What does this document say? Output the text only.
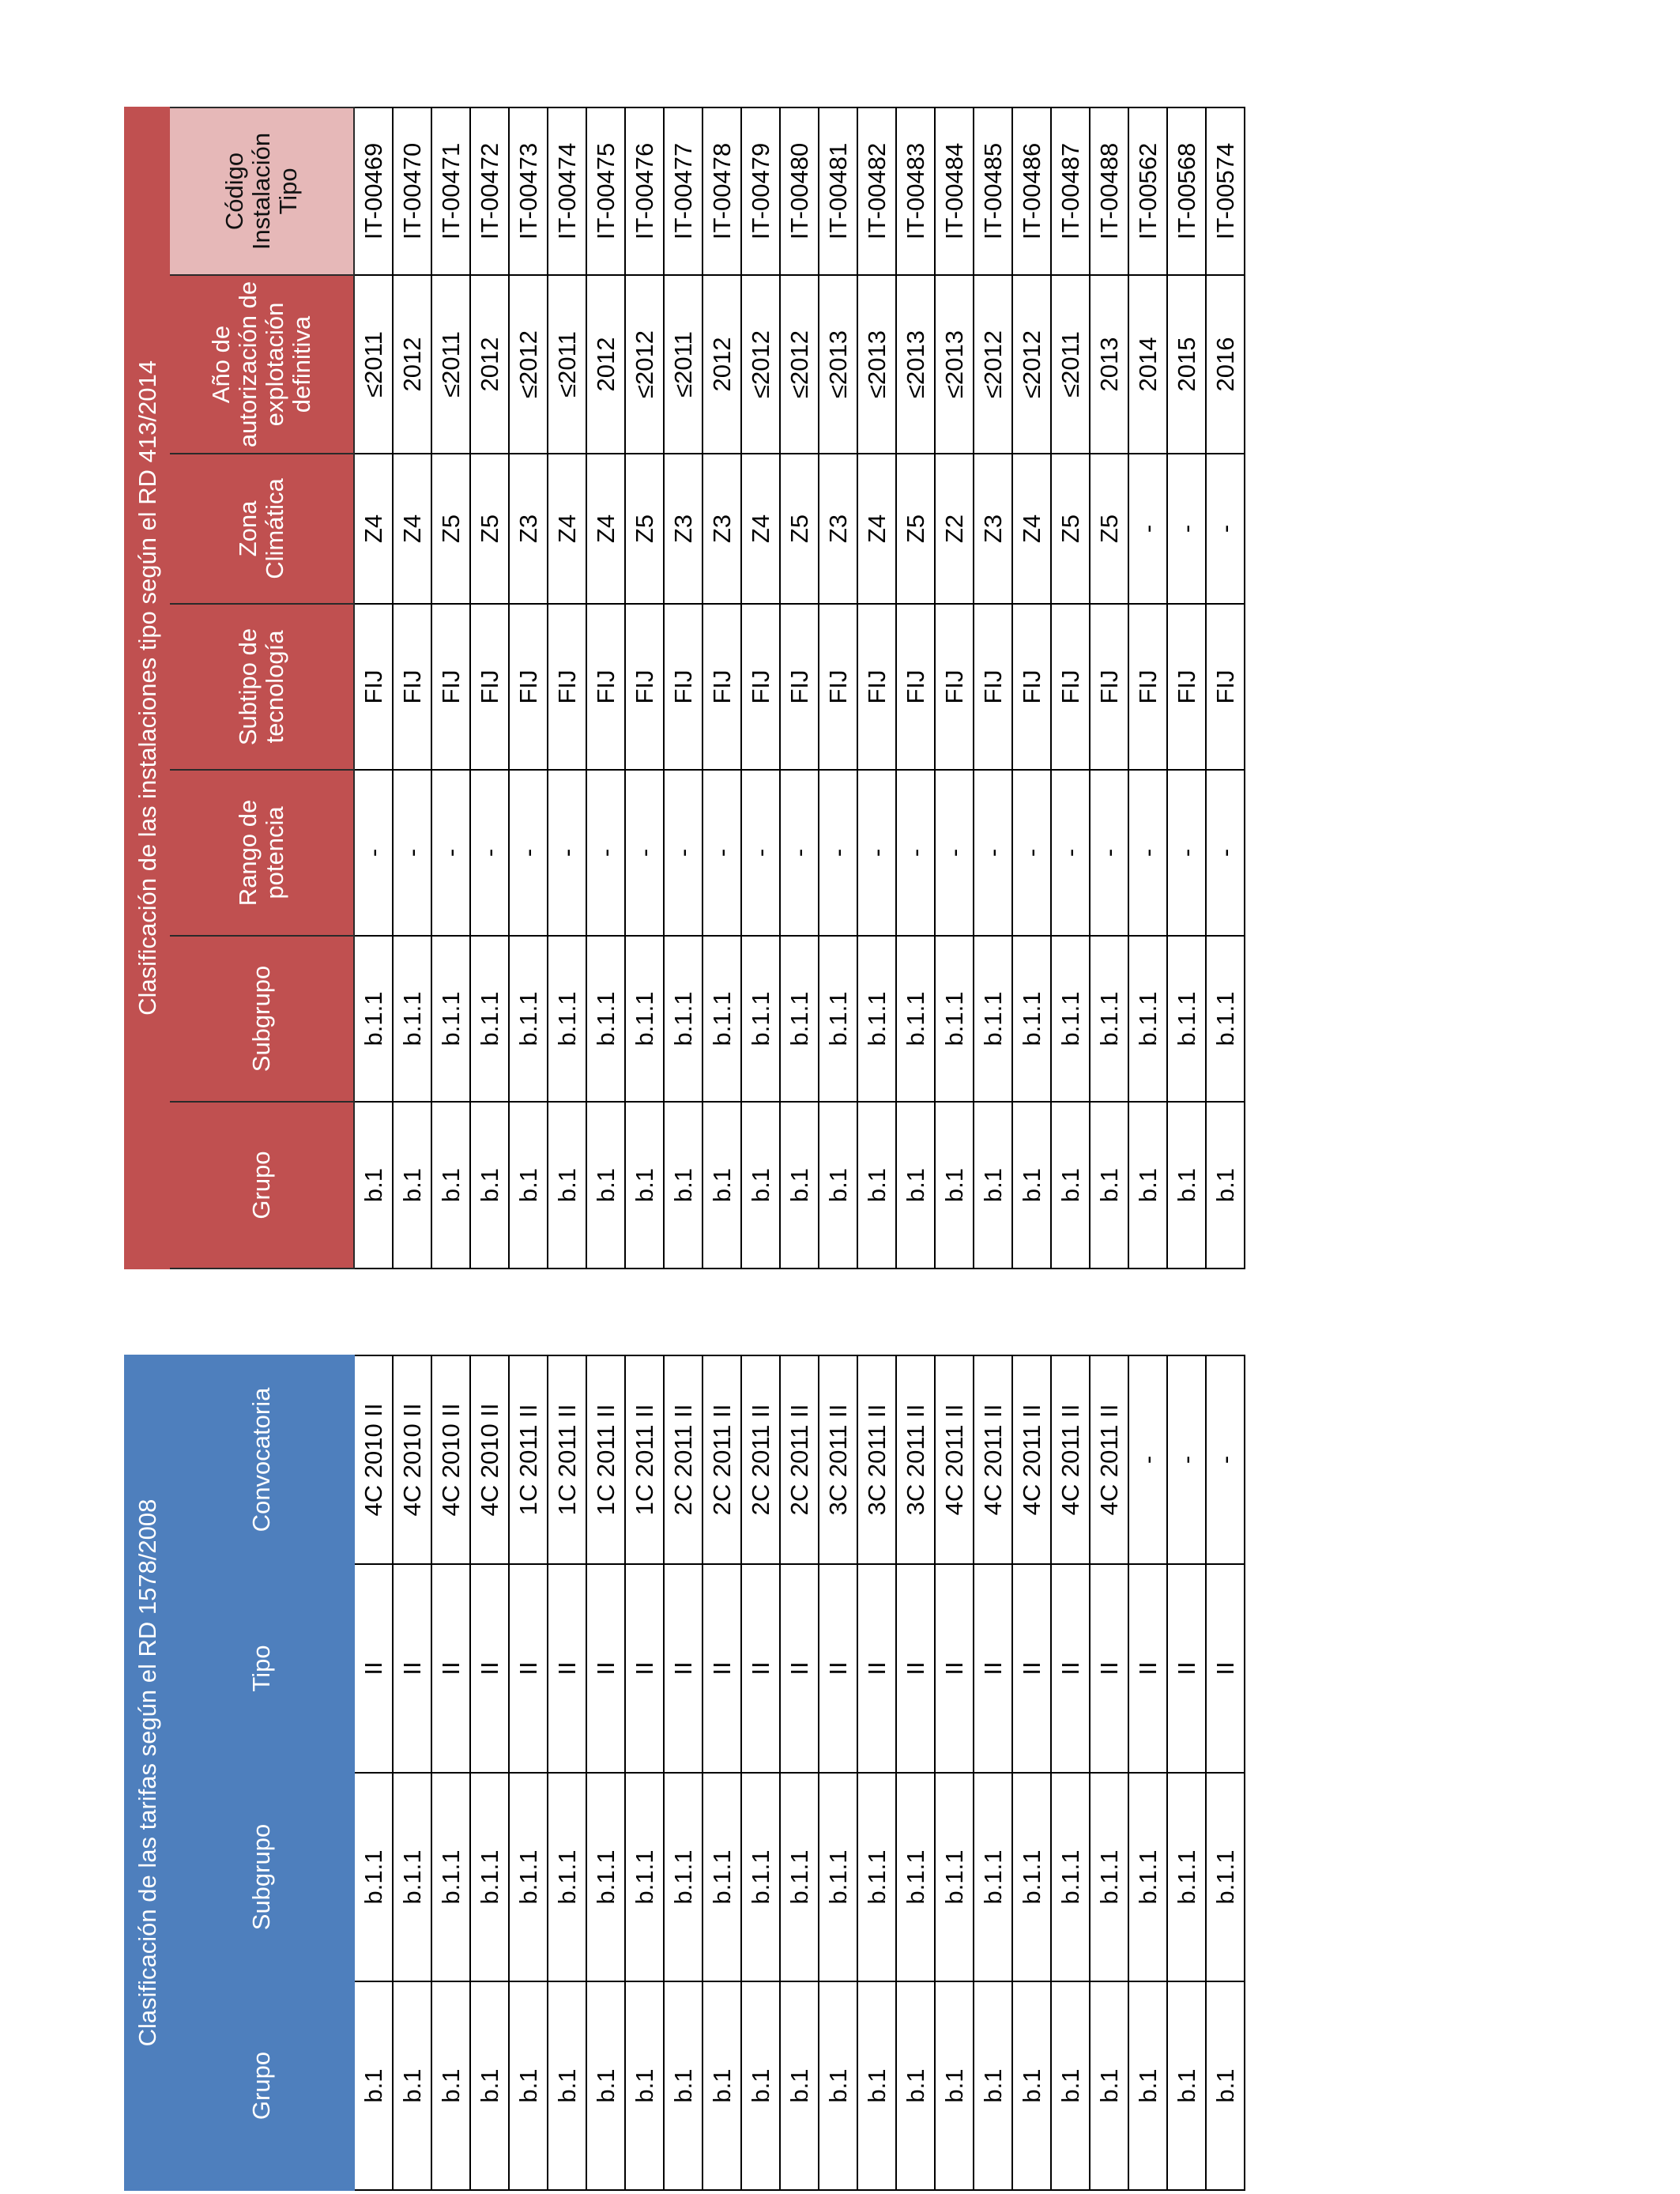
Clasificación de las tarifas según el RD 1578/2008			
Grupo	Subgrupo	Tipo	Convocatoria
b.1	b.1.1	II	4C 2010 II
b.1	b.1.1	II	4C 2010 II
b.1	b.1.1	II	4C 2010 II
b.1	b.1.1	II	4C 2010 II
b.1	b.1.1	II	1C 2011 II
b.1	b.1.1	II	1C 2011 II
b.1	b.1.1	II	1C 2011 II
b.1	b.1.1	II	1C 2011 II
b.1	b.1.1	II	2C 2011 II
b.1	b.1.1	II	2C 2011 II
b.1	b.1.1	II	2C 2011 II
b.1	b.1.1	II	2C 2011 II
b.1	b.1.1	II	3C 2011 II
b.1	b.1.1	II	3C 2011 II
b.1	b.1.1	II	3C 2011 II
b.1	b.1.1	II	4C 2011 II
b.1	b.1.1	II	4C 2011 II
b.1	b.1.1	II	4C 2011 II
b.1	b.1.1	II	4C 2011 II
b.1	b.1.1	II	4C 2011 II
b.1	b.1.1	II	-
b.1	b.1.1	II	-
b.1	b.1.1	II	-
Clasificación de las instalaciones tipo según el RD 413/2014						
Grupo	Subgrupo	Rango de potencia	Subtipo de tecnología	Zona Climática	Año de autorización de explotación definitiva	Código Instalación Tipo
b.1	b.1.1	-	FIJ	Z4	≤2011	IT-00469
b.1	b.1.1	-	FIJ	Z4	2012	IT-00470
b.1	b.1.1	-	FIJ	Z5	≤2011	IT-00471
b.1	b.1.1	-	FIJ	Z5	2012	IT-00472
b.1	b.1.1	-	FIJ	Z3	≤2012	IT-00473
b.1	b.1.1	-	FIJ	Z4	≤2011	IT-00474
b.1	b.1.1	-	FIJ	Z4	2012	IT-00475
b.1	b.1.1	-	FIJ	Z5	≤2012	IT-00476
b.1	b.1.1	-	FIJ	Z3	≤2011	IT-00477
b.1	b.1.1	-	FIJ	Z3	2012	IT-00478
b.1	b.1.1	-	FIJ	Z4	≤2012	IT-00479
b.1	b.1.1	-	FIJ	Z5	≤2012	IT-00480
b.1	b.1.1	-	FIJ	Z3	≤2013	IT-00481
b.1	b.1.1	-	FIJ	Z4	≤2013	IT-00482
b.1	b.1.1	-	FIJ	Z5	≤2013	IT-00483
b.1	b.1.1	-	FIJ	Z2	≤2013	IT-00484
b.1	b.1.1	-	FIJ	Z3	≤2012	IT-00485
b.1	b.1.1	-	FIJ	Z4	≤2012	IT-00486
b.1	b.1.1	-	FIJ	Z5	≤2011	IT-00487
b.1	b.1.1	-	FIJ	Z5	2013	IT-00488
b.1	b.1.1	-	FIJ	-	2014	IT-00562
b.1	b.1.1	-	FIJ	-	2015	IT-00568
b.1	b.1.1	-	FIJ	-	2016	IT-00574
